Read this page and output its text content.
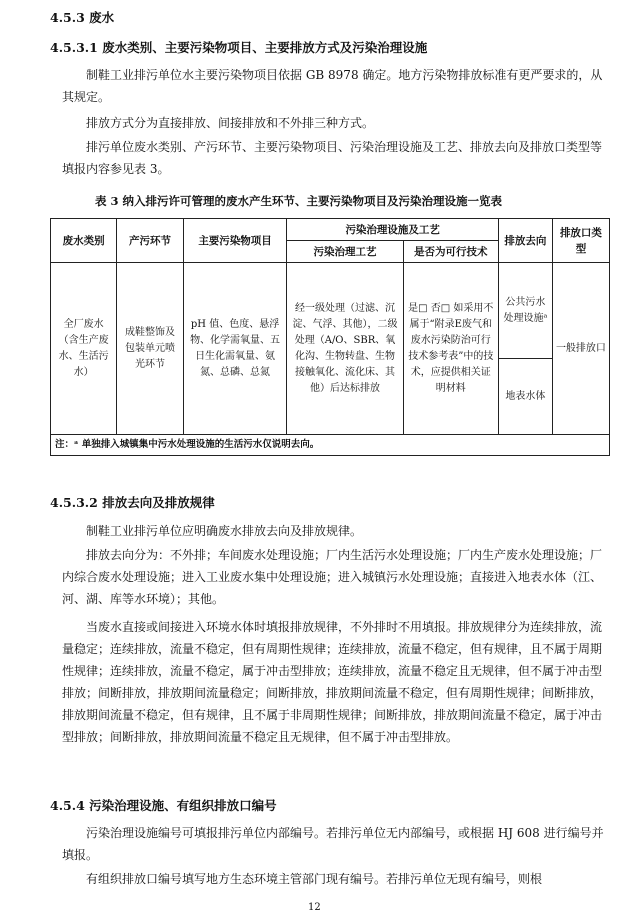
4.5.3 废水
4.5.3.1 废水类别、主要污染物项目、主要排放方式及污染治理设施
制鞋工业排污单位水主要污染物项目依据 GB 8978 确定。地方污染物排放标准有更严要求的，从其规定。
排放方式分为直接排放、间接排放和不外排三种方式。
排污单位废水类别、产污环节、主要污染物项目、污染治理设施及工艺、排放去向及排放口类型等填报内容参见表 3。
表 3 纳入排污许可管理的废水产生环节、主要污染物项目及污染治理设施一览表
废水类别	产污环节	主要污染物项目	污染治理设施及工艺		排放去向	排放口类型
			污染治理工艺	是否为可行技术		
全厂废水（含生产废水、生活污水）	成鞋整饰及包装单元喷光环节	pH 值、色度、悬浮物、化学需氧量、五日生化需氧量、氨氮、总磷、总氮	经一级处理（过滤、沉淀、气浮、其他），二级处理（A/O、SBR、氧化沟、生物转盘、生物接触氧化、流化床、其他）后达标排放	是□ 否□ 如采用不属于“附录E废气和废水污染防治可行技术参考表”中的技术，应提供相关证明材料	公共污水处理设施ᵃ	一般排放口
					地表水体	
注：ᵃ 单独排入城镇集中污水处理设施的生活污水仅说明去向。						
4.5.3.2 排放去向及排放规律
制鞋工业排污单位应明确废水排放去向及排放规律。
排放去向分为：不外排；车间废水处理设施；厂内生活污水处理设施；厂内生产废水处理设施；厂内综合废水处理设施；进入工业废水集中处理设施；进入城镇污水处理设施；直接进入地表水体（江、河、湖、库等水环境）；其他。
当废水直接或间接进入环境水体时填报排放规律，不外排时不用填报。排放规律分为连续排放，流量稳定；连续排放，流量不稳定，但有周期性规律；连续排放，流量不稳定，但有规律，且不属于周期性规律；连续排放，流量不稳定，属于冲击型排放；连续排放，流量不稳定且无规律，但不属于冲击型排放；间断排放，排放期间流量稳定；间断排放，排放期间流量不稳定，但有周期性规律；间断排放，排放期间流量不稳定，但有规律，且不属于非周期性规律；间断排放，排放期间流量不稳定，属于冲击型排放；间断排放，排放期间流量不稳定且无规律，但不属于冲击型排放。
4.5.4 污染治理设施、有组织排放口编号
污染治理设施编号可填报排污单位内部编号。若排污单位无内部编号，或根据 HJ 608 进行编号并填报。
有组织排放口编号填写地方生态环境主管部门现有编号。若排污单位无现有编号，则根
12
